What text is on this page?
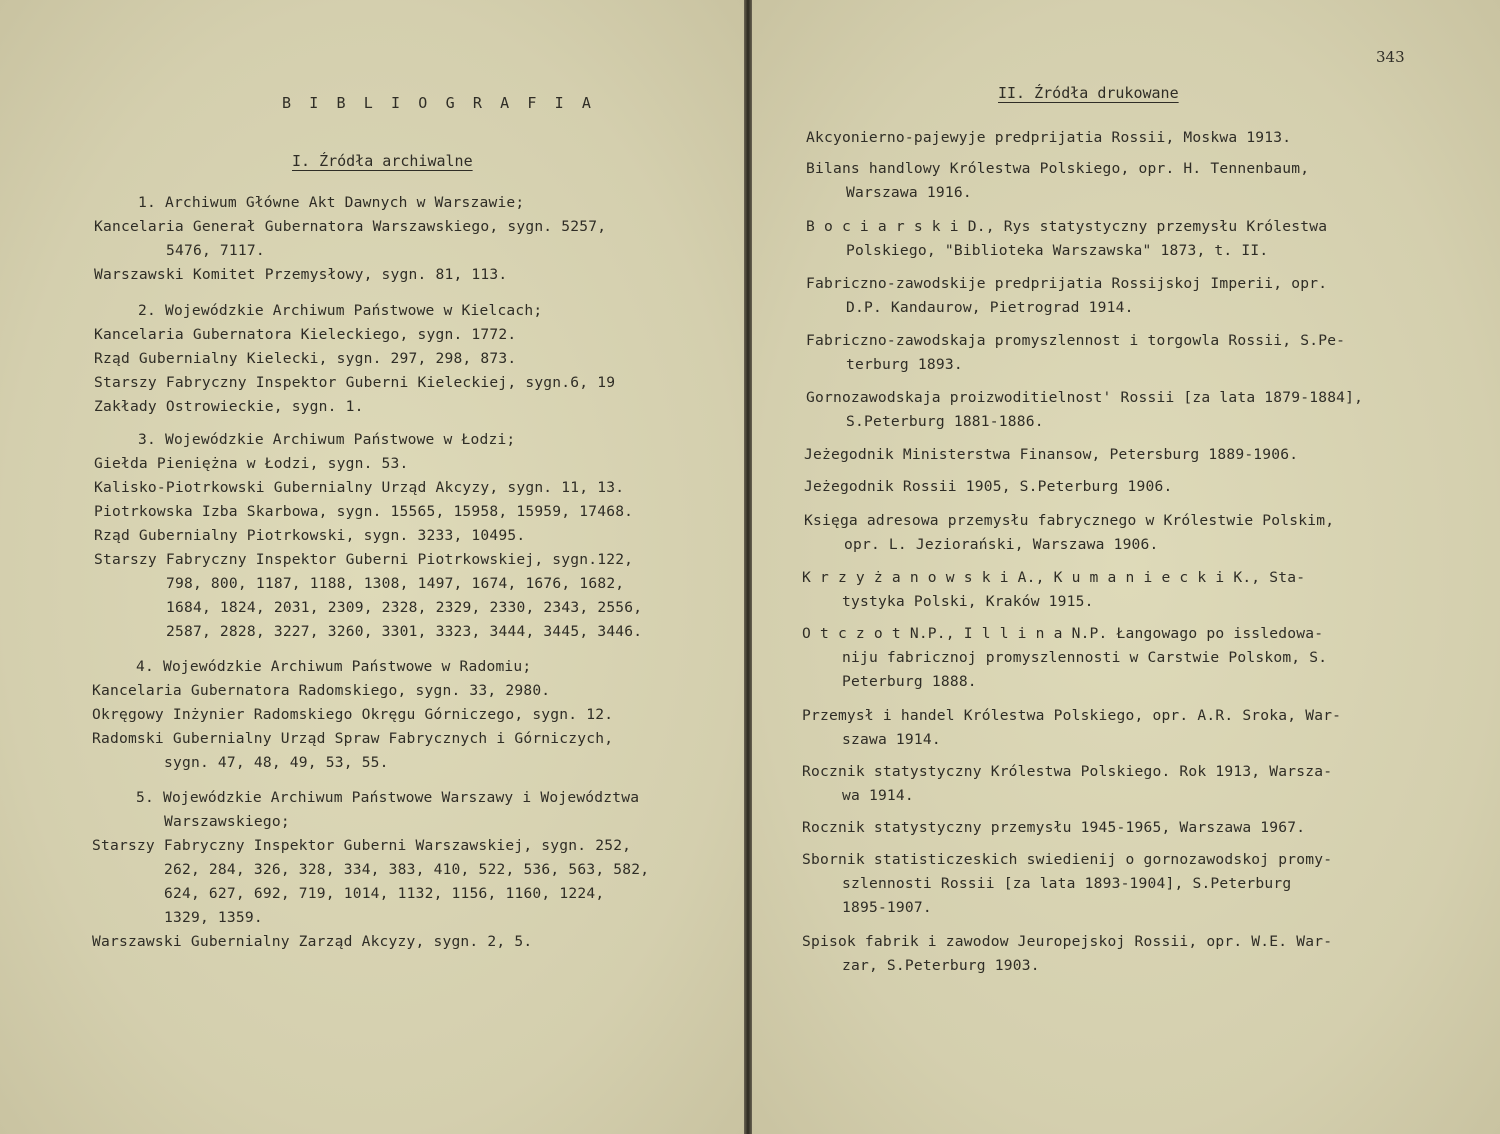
B I B L I O G R A F I A
I. Źródła archiwalne
1. Archiwum Główne Akt Dawnych w Warszawie;
Kancelaria Generał Gubernatora Warszawskiego, sygn. 5257,
5476, 7117.
Warszawski Komitet Przemysłowy, sygn. 81, 113.
2. Wojewódzkie Archiwum Państwowe w Kielcach;
Kancelaria Gubernatora Kieleckiego, sygn. 1772.
Rząd Gubernialny Kielecki, sygn. 297, 298, 873.
Starszy Fabryczny Inspektor Guberni Kieleckiej, sygn.6, 19
Zakłady Ostrowieckie, sygn. 1.
3. Wojewódzkie Archiwum Państwowe w Łodzi;
Giełda Pieniężna w Łodzi, sygn. 53.
Kalisko-Piotrkowski Gubernialny Urząd Akcyzy, sygn. 11, 13.
Piotrkowska Izba Skarbowa, sygn. 15565, 15958, 15959, 17468.
Rząd Gubernialny Piotrkowski, sygn. 3233, 10495.
Starszy Fabryczny Inspektor Guberni Piotrkowskiej, sygn.122,
798, 800, 1187, 1188, 1308, 1497, 1674, 1676, 1682,
1684, 1824, 2031, 2309, 2328, 2329, 2330, 2343, 2556,
2587, 2828, 3227, 3260, 3301, 3323, 3444, 3445, 3446.
4. Wojewódzkie Archiwum Państwowe w Radomiu;
Kancelaria Gubernatora Radomskiego, sygn. 33, 2980.
Okręgowy Inżynier Radomskiego Okręgu Górniczego, sygn. 12.
Radomski Gubernialny Urząd Spraw Fabrycznych i Górniczych,
sygn. 47, 48, 49, 53, 55.
5. Wojewódzkie Archiwum Państwowe Warszawy i Województwa
Warszawskiego;
Starszy Fabryczny Inspektor Guberni Warszawskiej, sygn. 252,
262, 284, 326, 328, 334, 383, 410, 522, 536, 563, 582,
624, 627, 692, 719, 1014, 1132, 1156, 1160, 1224,
1329, 1359.
Warszawski Gubernialny Zarząd Akcyzy, sygn. 2, 5.
343
II. Źródła drukowane
Akcyonierno-pajewyje predprijatia Rossii, Moskwa 1913.
Bilans handlowy Królestwa Polskiego, opr. H. Tennenbaum,
Warszawa 1916.
B o c i a r s k i D., Rys statystyczny przemysłu Królestwa
Polskiego, "Biblioteka Warszawska" 1873, t. II.
Fabricznо-zawodskije predprijatia Rossijskoj Imperii, opr.
D.P. Kandaurow, Pietrograd 1914.
Fabriczno-zawodskaja promyszlennost i torgowla Rossii, S.Pe-
terburg 1893.
Gornozawodskaja proizwoditielnost' Rossii [za lata 1879-1884],
S.Peterburg 1881-1886.
Jeżegodnik Ministerstwa Finansow, Petersburg 1889-1906.
Jeżegodnik Rossii 1905, S.Peterburg 1906.
Księga adresowa przemysłu fabrycznego w Królestwie Polskim,
opr. L. Jeziorański, Warszawa 1906.
K r z y ż a n o w s k i A., K u m a n i e c k i K., Sta-
tystyka Polski, Kraków 1915.
O t c z o t N.P., I l l i n a N.P. Łangowago po issledowa-
niju fabricznoj promyszlennosti w Carstwie Polskom, S.
Peterburg 1888.
Przemysł i handel Królestwa Polskiego, opr. A.R. Sroka, War-
szawa 1914.
Rocznik statystyczny Królestwa Polskiego. Rok 1913, Warsza-
wa 1914.
Rocznik statystyczny przemysłu 1945-1965, Warszawa 1967.
Sbornik statisticzeskich swiedienij o gornozawodskoj promy-
szlennosti Rossii [za lata 1893-1904], S.Peterburg
1895-1907.
Spisok fabrik i zawodow Jeuropejskoj Rossii, opr. W.E. War-
zar, S.Peterburg 1903.
